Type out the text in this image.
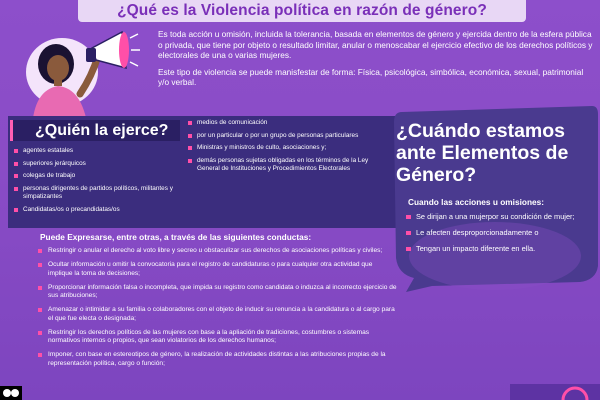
¿Qué es la Violencia política en razón de género?

Es toda acción u omisión, incluida la tolerancia, basada en elementos de género y ejercida dentro de la esfera pública o privada, que tiene por objeto o resultado limitar, anular o menoscabar el ejercicio efectivo de los derechos políticos y electorales de una o varias mujeres.

Este tipo de violencia se puede manisfestar de forma: Física, psicológica, simbólica, económica, sexual, patrimonial y/o verbal.

¿Quién la ejerce?
agentes estatales
superiores jerárquicos
colegas de trabajo
personas dirigentes de partidos políticos, militantes y simpatizantes
Candidatas/os o precandidatas/os
medios de comunicación
por un particular o por un grupo de personas particulares
Ministras y ministros de culto, asociaciones y;
demás personas sujetas obligadas en los términos de la Ley General de Instituciones y Procedimientos Electorales
¿Cuándo estamos ante Elementos de Género?
Cuando las acciones u omisiones:
Se dirijan a una mujerpor su condición de mujer;
Le afecten desproporcionadamente o
Tengan un impacto diferente en ella.
Puede Expresarse, entre otras, a través de las siguientes conductas:
Restringir o anular el derecho al voto libre y secreo u obstaculizar sus derechos de asociaciones políticas y civiles;
Ocultar información u omitir la convocatoria para el registro de candidaturas o para cualquier otra actividad que implique la toma de decisiones;
Proporcionar información falsa o incompleta, que impida su registro como candidata o induzca al incorrecto ejercicio de sus atribuciones;
Amenazar o intimidar a su familia o colaboradores con el objeto de inducir su renuncia a la candidatura o al cargo para el que fue electa o designada;
Restringir los derechos políticos de las mujeres con base a la apliación de tradiciones, costumbres o sistemas normativos internos o propios, que sean violatorios de los derechos humanos;
Imponer, con base en estereotipos de género, la realización de actividades distintas a las atribuciones propias de la representación política, cargo o función;
